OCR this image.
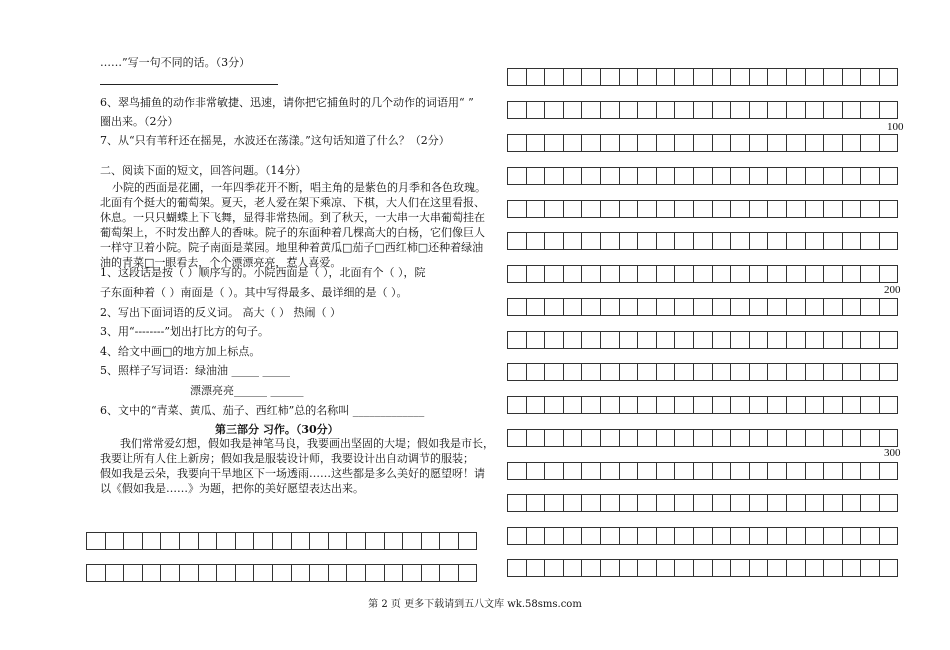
……”写一句不同的话。（3分）
6、翠鸟捕鱼的动作非常敏捷、迅速，请你把它捕鱼时的几个动作的词语用“ ”
圈出来。（2分）
7、从“只有苇秆还在摇晃，水波还在荡漾。”这句话知道了什么？（2分）
二、阅读下面的短文，回答问题。（14分）
小院的西面是花圃，一年四季花开不断，唱主角的是紫色的月季和各色玫瑰。
北面有个挺大的葡萄架。夏天，老人爱在架下乘凉、下棋，大人们在这里看报、
休息。一只只蝴蝶上下飞舞，显得非常热闹。到了秋天，一大串一大串葡萄挂在
葡萄架上，不时发出醉人的香味。院子的东面种着几棵高大的白杨，它们像巨人
一样守卫着小院。院子南面是菜园。地里种着黄瓜□茄子□西红柿□还种着绿油
油的青菜□一眼看去，个个漂漂亮亮，惹人喜爱。
1、这段话是按（ ）顺序写的。小院西面是（ ），北面有个（ ），院
子东面种着（ ）南面是（ ）。其中写得最多、最详细的是（ ）。
2、写出下面词语的反义词。 高大（ ） 热闹（ ）
3、用“--------”划出打比方的句子。
4、给文中画□的地方加上标点。
5、照样子写词语：绿油油 _____ _____
漂漂亮亮______ ______
6、文中的“青菜、黄瓜、茄子、西红柿”总的名称叫 _____________
第三部分 习作。（30分）
我们常常爱幻想，假如我是神笔马良，我要画出坚固的大堤；假如我是市长，
我要让所有人住上新房；假如我是服装设计师，我要设计出自动调节的服装；
假如我是云朵，我要向干旱地区下一场透雨……这些都是多么美好的愿望呀！请
以《假如我是……》为题，把你的美好愿望表达出来。
100
200
300
第 2 页 更多下载请到五八文库 wk.58sms.com
